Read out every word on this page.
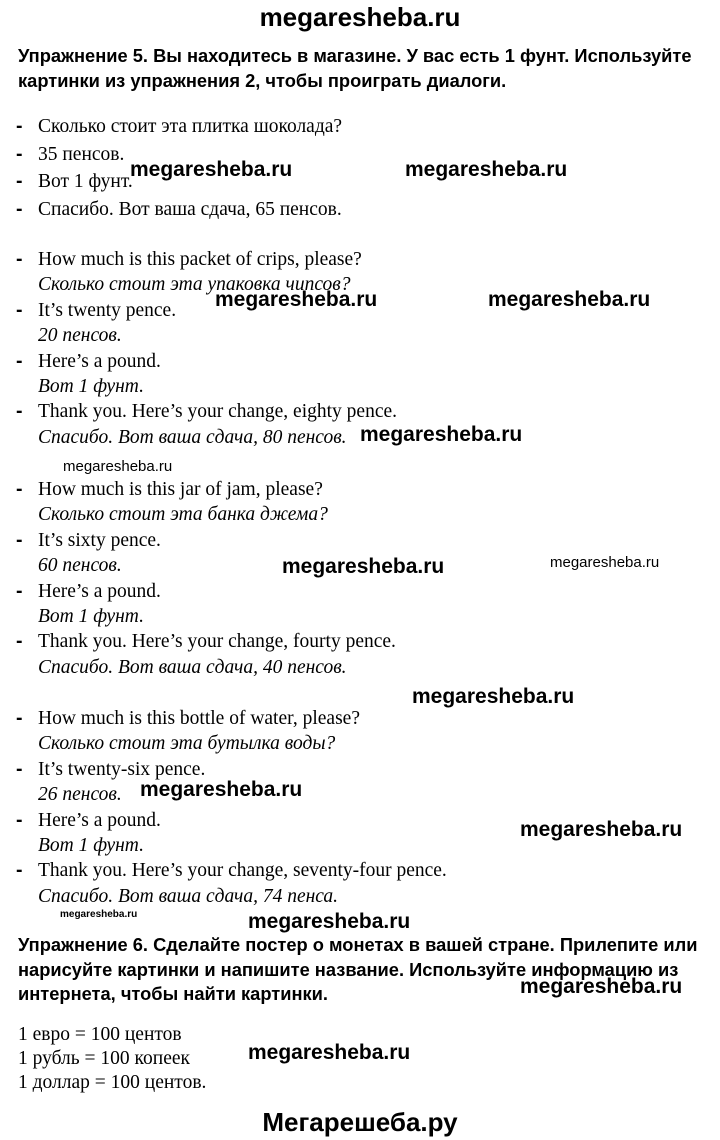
megaresheba.ru
Упражнение 5. Вы находитесь в магазине. У вас есть 1 фунт. Используйте
картинки из упражнения 2, чтобы проиграть диалоги.
- Сколько стоит эта плитка шоколада?
- 35 пенсов.
- Вот 1 фунт.
- Спасибо. Вот ваша сдача, 65 пенсов.
- How much is this packet of crips, please?
Сколько стоит эта упаковка чипсов?
- It’s twenty pence.
20 пенсов.
- Here’s a pound.
Вот 1 фунт.
- Thank you. Here’s your change, eighty pence.
Спасибо. Вот ваша сдача, 80 пенсов.
- How much is this jar of jam, please?
Сколько стоит эта банка джема?
- It’s sixty pence.
60 пенсов.
- Here’s a pound.
Вот 1 фунт.
- Thank you. Here’s your change, fourty pence.
Спасибо. Вот ваша сдача, 40 пенсов.
- How much is this bottle of water, please?
Сколько стоит эта бутылка воды?
- It’s twenty-six pence.
26 пенсов.
- Here’s a pound.
Вот 1 фунт.
- Thank you. Here’s your change, seventy-four pence.
Спасибо. Вот ваша сдача, 74 пенса.
Упражнение 6. Сделайте постер о монетах в вашей стране. Прилепите или
нарисуйте картинки и напишите название. Используйте информацию из
интернета, чтобы найти картинки.
1 евро = 100 центов
1 рубль = 100 копеек
1 доллар = 100 центов.
Мегарешеба.ру
megaresheba.ru	megaresheba.ru
megaresheba.ru	megaresheba.ru
megaresheba.ru
megaresheba.ru
megaresheba.ru	megaresheba.ru
megaresheba.ru
megaresheba.ru
megaresheba.ru
megaresheba.ru	megaresheba.ru
megaresheba.ru
megaresheba.ru
